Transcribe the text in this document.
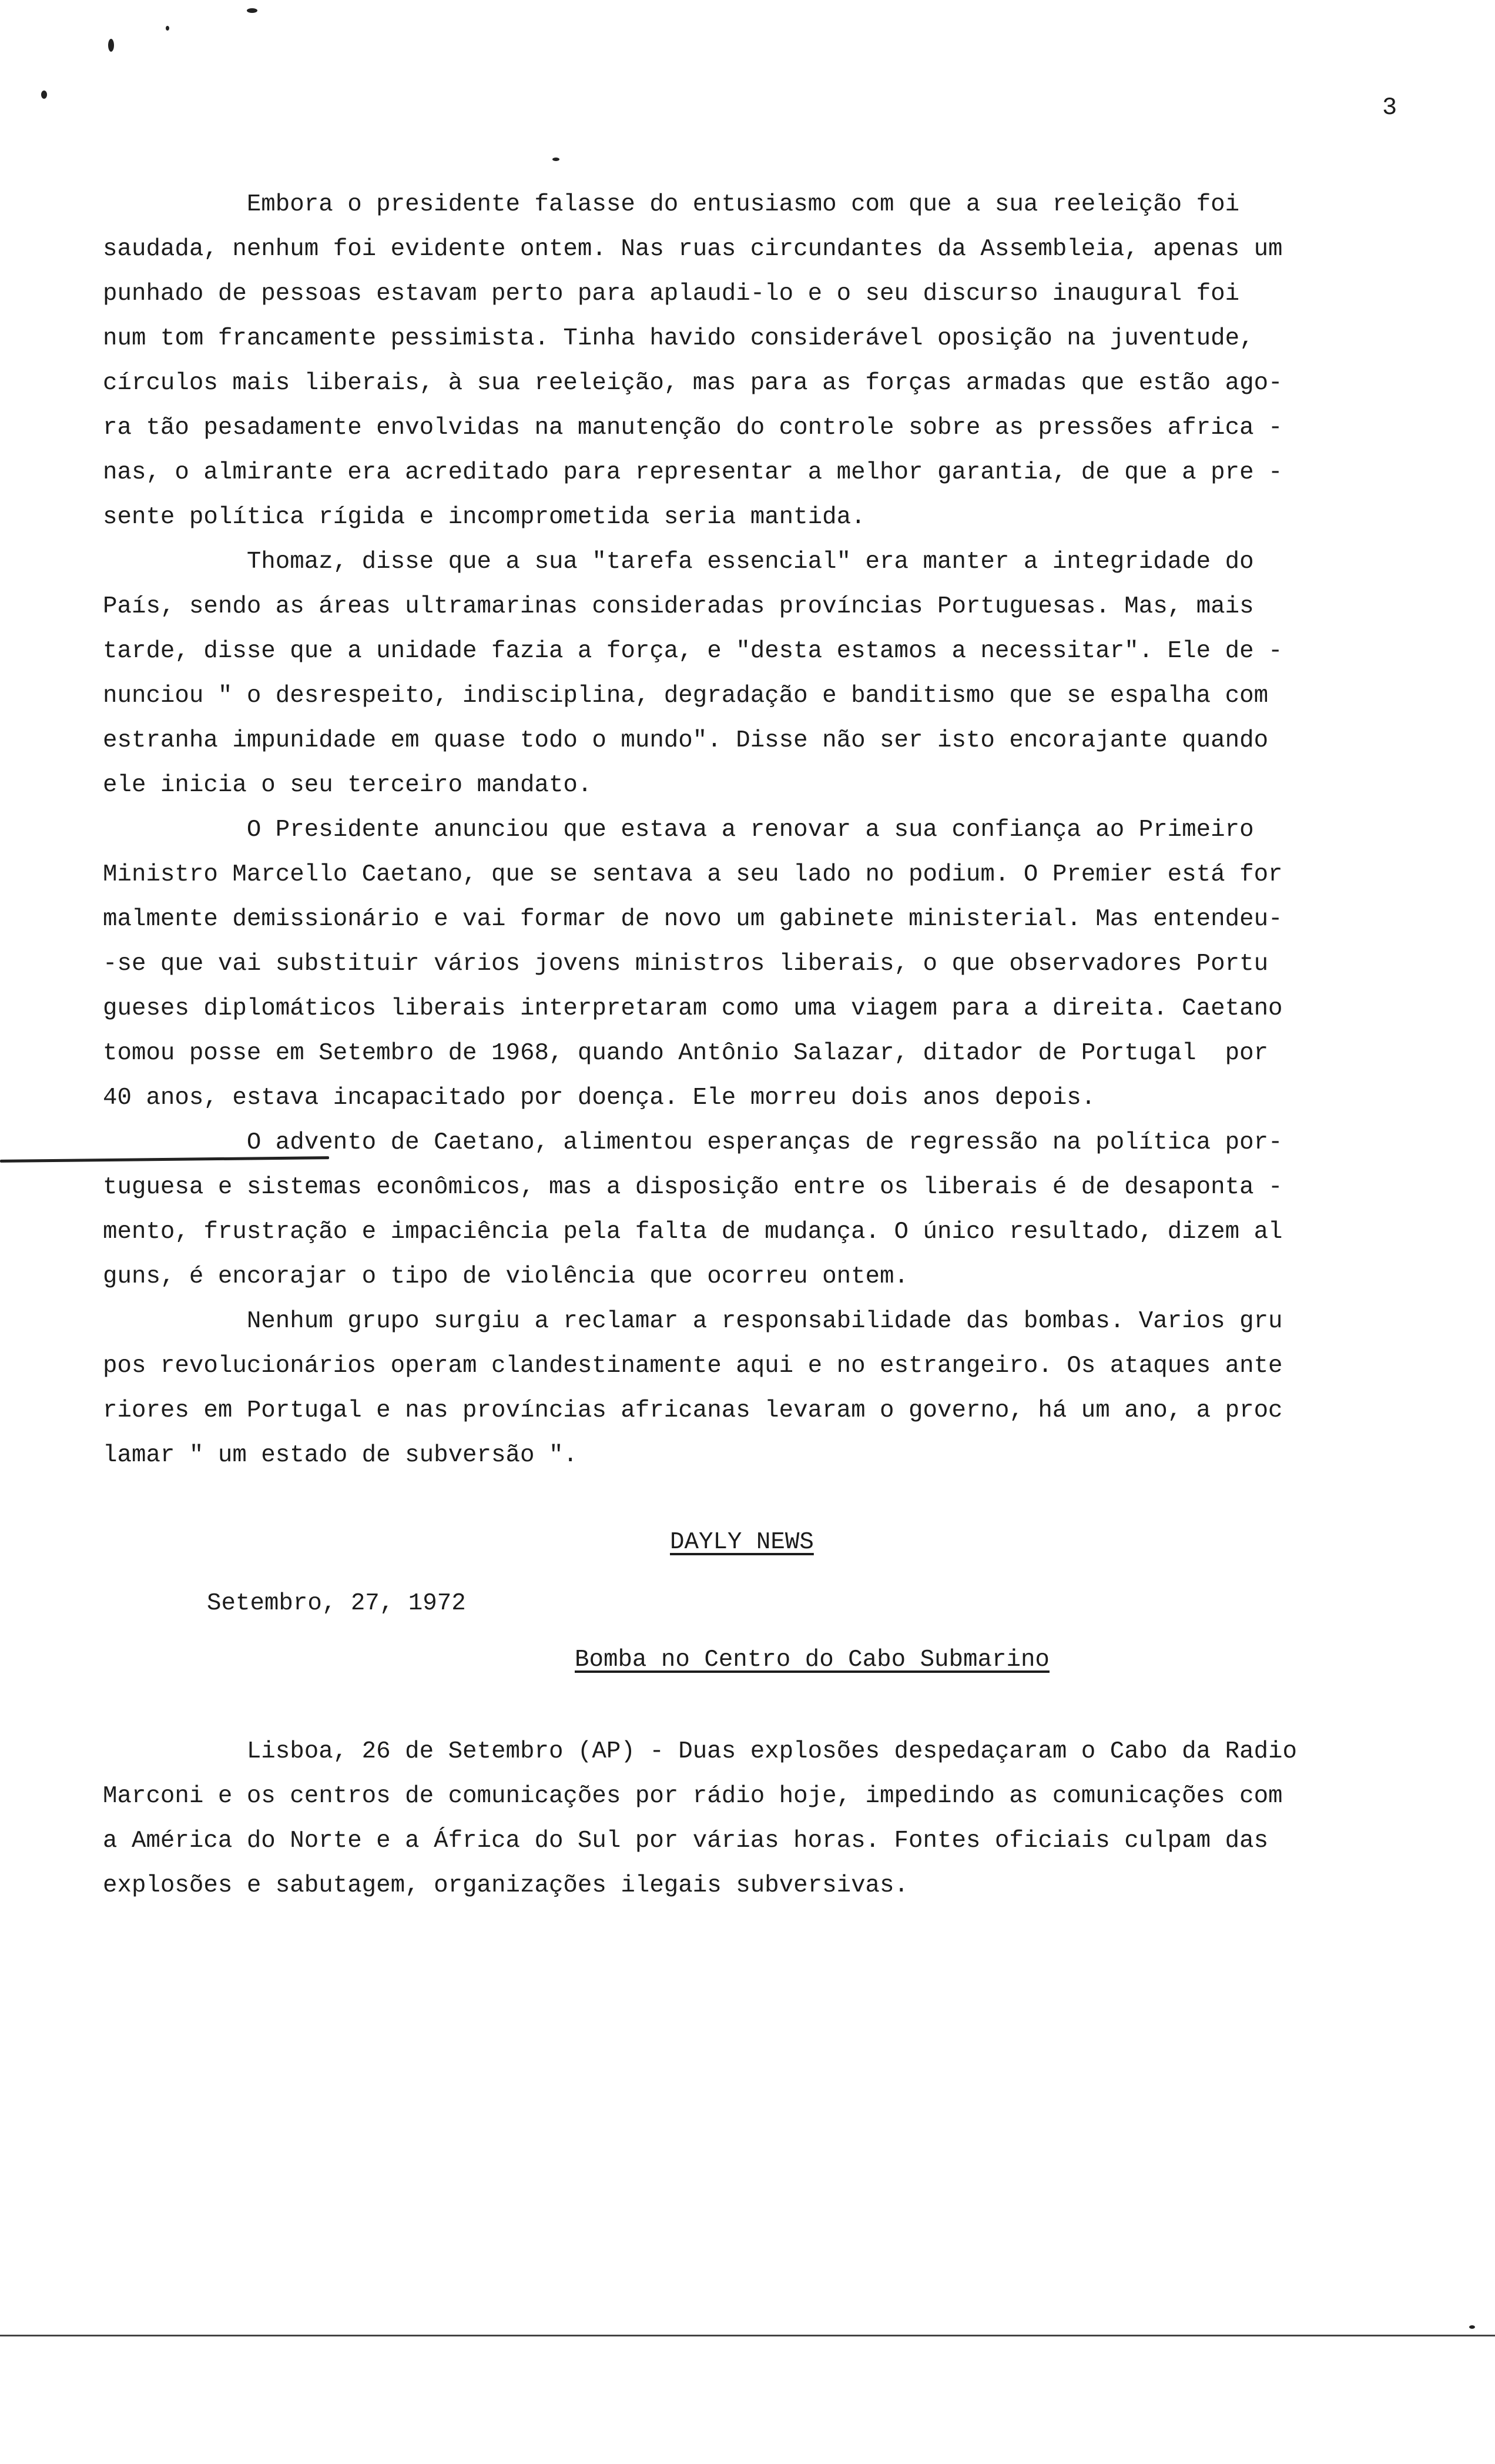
3
Embora o presidente falasse do entusiasmo com que a sua reeleição foi
saudada, nenhum foi evidente ontem. Nas ruas circundantes da Assembleia, apenas um
punhado de pessoas estavam perto para aplaudi-lo e o seu discurso inaugural foi
num tom francamente pessimista. Tinha havido considerável oposição na juventude,
círculos mais liberais, à sua reeleição, mas para as forças armadas que estão ago-
ra tão pesadamente envolvidas na manutenção do controle sobre as pressões africa -
nas, o almirante era acreditado para representar a melhor garantia, de que a pre -
sente política rígida e incomprometida seria mantida.
Thomaz, disse que a sua "tarefa essencial" era manter a integridade do
País, sendo as áreas ultramarinas consideradas províncias Portuguesas. Mas, mais
tarde, disse que a unidade fazia a força, e "desta estamos a necessitar". Ele de -
nunciou " o desrespeito, indisciplina, degradação e banditismo que se espalha com
estranha impunidade em quase todo o mundo". Disse não ser isto encorajante quando
ele inicia o seu terceiro mandato.
O Presidente anunciou que estava a renovar a sua confiança ao Primeiro
Ministro Marcello Caetano, que se sentava a seu lado no podium. O Premier está for
malmente demissionário e vai formar de novo um gabinete ministerial. Mas entendeu-
-se que vai substituir vários jovens ministros liberais, o que observadores Portu
gueses diplomáticos liberais interpretaram como uma viagem para a direita. Caetano
tomou posse em Setembro de 1968, quando Antônio Salazar, ditador de Portugal  por
40 anos, estava incapacitado por doença. Ele morreu dois anos depois.
O advento de Caetano, alimentou esperanças de regressão na política por-
tuguesa e sistemas econômicos, mas a disposição entre os liberais é de desaponta -
mento, frustração e impaciência pela falta de mudança. O único resultado, dizem al
guns, é encorajar o tipo de violência que ocorreu ontem.
Nenhum grupo surgiu a reclamar a responsabilidade das bombas. Varios gru
pos revolucionários operam clandestinamente aqui e no estrangeiro. Os ataques ante
riores em Portugal e nas províncias africanas levaram o governo, há um ano, a proc
lamar " um estado de subversão ".
DAYLY NEWS
Setembro, 27, 1972
Bomba no Centro do Cabo Submarino
Lisboa, 26 de Setembro (AP) - Duas explosões despedaçaram o Cabo da Radio
Marconi e os centros de comunicações por rádio hoje, impedindo as comunicações com
a América do Norte e a África do Sul por várias horas. Fontes oficiais culpam das
explosões e sabutagem, organizações ilegais subversivas.
